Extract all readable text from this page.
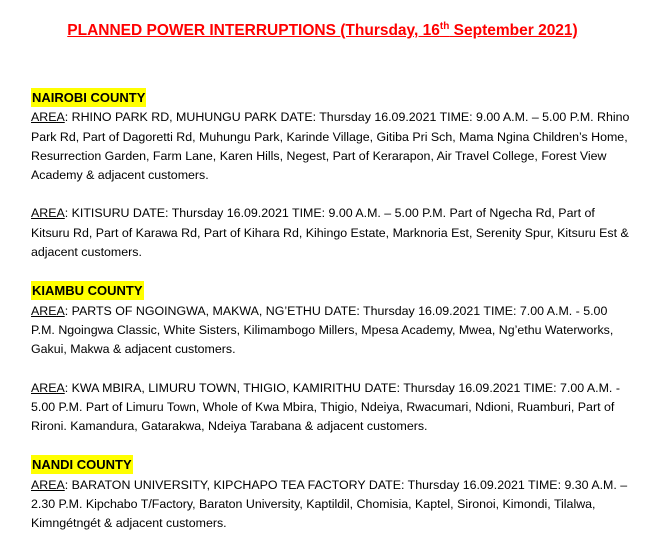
PLANNED POWER INTERRUPTIONS (Thursday, 16th September 2021)
NAIROBI COUNTY

AREA: RHINO PARK RD, MUHUNGU PARK DATE: Thursday 16.09.2021 TIME: 9.00 A.M. – 5.00 P.M. Rhino Park Rd, Part of Dagoretti Rd, Muhungu Park, Karinde Village, Gitiba Pri Sch, Mama Ngina Children’s Home, Resurrection Garden, Farm Lane, Karen Hills, Negest, Part of Kerarapon, Air Travel College, Forest View Academy & adjacent customers.

AREA: KITISURU DATE: Thursday 16.09.2021 TIME: 9.00 A.M. – 5.00 P.M. Part of Ngecha Rd, Part of Kitsuru Rd, Part of Karawa Rd, Part of Kihara Rd, Kihingo Estate, Marknoria Est, Serenity Spur, Kitsuru Est & adjacent customers.

KIAMBU COUNTY

AREA: PARTS OF NGOINGWA, MAKWA, NG’ETHU DATE: Thursday 16.09.2021 TIME: 7.00 A.M. - 5.00 P.M. Ngoingwa Classic, White Sisters, Kilimambogo Millers, Mpesa Academy, Mwea, Ng’ethu Waterworks, Gakui, Makwa & adjacent customers.

AREA: KWA MBIRA, LIMURU TOWN, THIGIO, KAMIRITHU DATE: Thursday 16.09.2021 TIME: 7.00 A.M. - 5.00 P.M. Part of Limuru Town, Whole of Kwa Mbira, Thigio, Ndeiya, Rwacumari, Ndioni, Ruamburi, Part of Rironi. Kamandura, Gatarakwa, Ndeiya Tarabana & adjacent customers.

NANDI COUNTY

AREA: BARATON UNIVERSITY, KIPCHAPO TEA FACTORY DATE: Thursday 16.09.2021 TIME: 9.30 A.M. – 2.30 P.M. Kipchabo T/Factory, Baraton University, Kaptildil, Chomisia, Kaptel, Sironoi, Kimondi, Tilalwa, Kimngétngét & adjacent customers.
